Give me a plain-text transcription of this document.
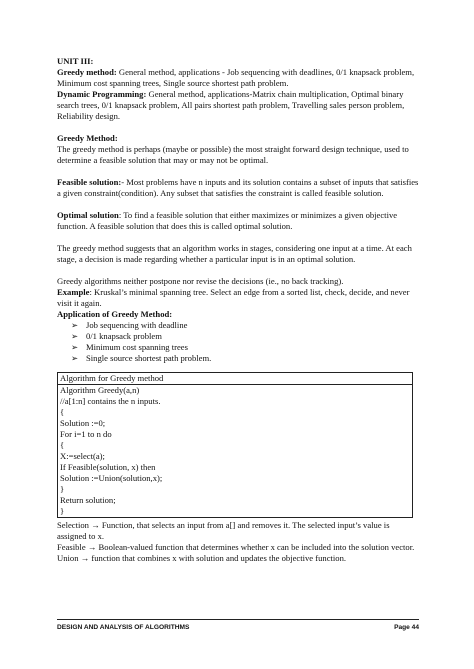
UNIT III:

Greedy method: General method, applications - Job sequencing with deadlines, 0/1 knapsack problem, Minimum cost spanning trees, Single source shortest path problem.

Dynamic Programming: General method, applications-Matrix chain multiplication, Optimal binary search trees, 0/1 knapsack problem, All pairs shortest path problem, Travelling sales person problem, Reliability design.

Greedy Method:

The greedy method is perhaps (maybe or possible) the most straight forward design technique, used to determine a feasible solution that may or may not be optimal.

Feasible solution:- Most problems have n inputs and its solution contains a subset of inputs that satisfies a given constraint(condition). Any subset that satisfies the constraint is called feasible solution.

Optimal solution: To find a feasible solution that either maximizes or minimizes a given objective function. A feasible solution that does this is called optimal solution.

The greedy method suggests that an algorithm works in stages, considering one input at a time. At each stage, a decision is made regarding whether a particular input is in an optimal solution.

Greedy algorithms neither postpone nor revise the decisions (ie., no back tracking).

Example: Kruskal’s minimal spanning tree. Select an edge from a sorted list, check, decide, and never visit it again.

Application of Greedy Method:

➢ Job sequencing with deadline
➢ 0/1 knapsack problem
➢ Minimum cost spanning trees
➢ Single source shortest path problem.
Algorithm for Greedy method
Algorithm Greedy(a,n)
//a[1:n] contains the n inputs.
{
Solution :=0;
For i=1 to n do
{
X:=select(a);
If Feasible(solution, x) then
Solution :=Union(solution,x);
}
Return solution;
}

Selection → Function, that selects an input from a[] and removes it. The selected input’s value is assigned to x.

Feasible → Boolean-valued function that determines whether x can be included into the solution vector.

Union → function that combines x with solution and updates the objective function.

DESIGN AND ANALYSIS OF ALGORITHMS	Page 44
